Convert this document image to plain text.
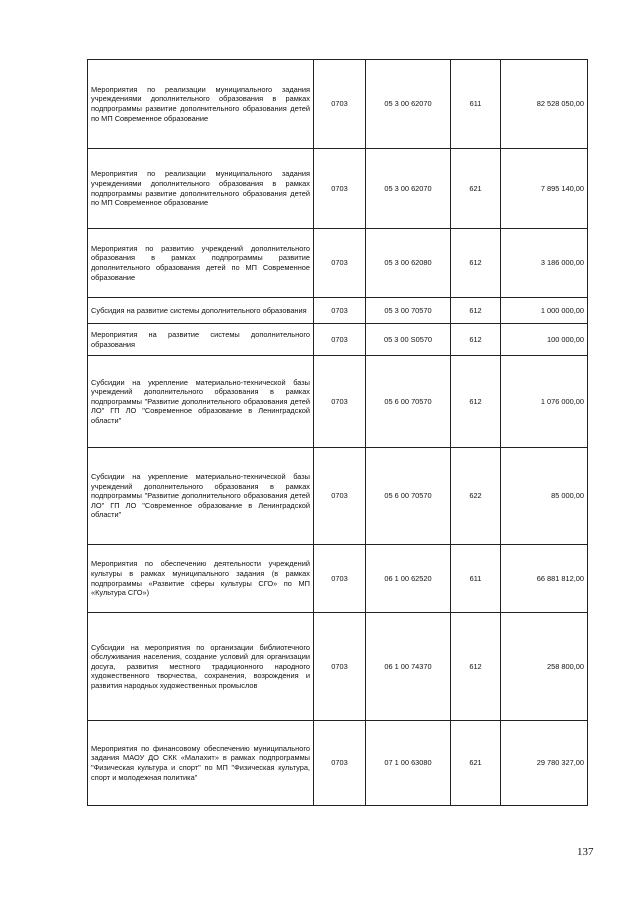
Мероприятия по реализации муниципального задания учреждениями дополнительного образования в рамках подпрограммы развитие дополнительного образования детей по МП Современное образование	0703	05 3 00 62070	611	82 528 050,00
Мероприятия по реализации муниципального задания учреждениями дополнительного образования в рамках подпрограммы развитие дополнительного образования детей по МП Современное образование	0703	05 3 00 62070	621	7 895 140,00
Мероприятия по развитию учреждений дополнительного образования в рамках подпрограммы развитие дополнительного образования детей по МП Современное образование	0703	05 3 00 62080	612	3 186 000,00
Субсидия на развитие системы дополнительного образования	0703	05 3 00 70570	612	1 000 000,00
Мероприятия на развитие системы дополнительного образования	0703	05 3 00 S0570	612	100 000,00
Субсидии на укрепление материально-технической базы учреждений дополнительного образования в рамках подпрограммы "Развитие дополнительного образования детей ЛО" ГП ЛО "Современное образование в Ленинградской области"	0703	05 6 00 70570	612	1 076 000,00
Субсидии на укрепление материально-технической базы учреждений дополнительного образования в рамках подпрограммы "Развитие дополнительного образования детей ЛО" ГП ЛО "Современное образование в Ленинградской области"	0703	05 6 00 70570	622	85 000,00
Мероприятия по обеспечению деятельности учреждений культуры в рамках муниципального задания (в рамках подпрограммы «Развитие сферы культуры СГО» по МП «Культура СГО»)	0703	06 1 00 62520	611	66 881 812,00
Субсидии на мероприятия по организации библиотечного обслуживания населения, создание условий для организации досуга, развития местного традиционного народного художественного творчества, сохранения, возрождения и развития народных художественных промыслов	0703	06 1 00 74370	612	258 800,00
Мероприятия по финансовому обеспечению муниципального задания МАОУ ДО СКК «Малахит» в рамках подпрограммы "Физическая культура и спорт" по МП "Физическая культура, спорт и молодежная политика"	0703	07 1 00 63080	621	29 780 327,00
137
